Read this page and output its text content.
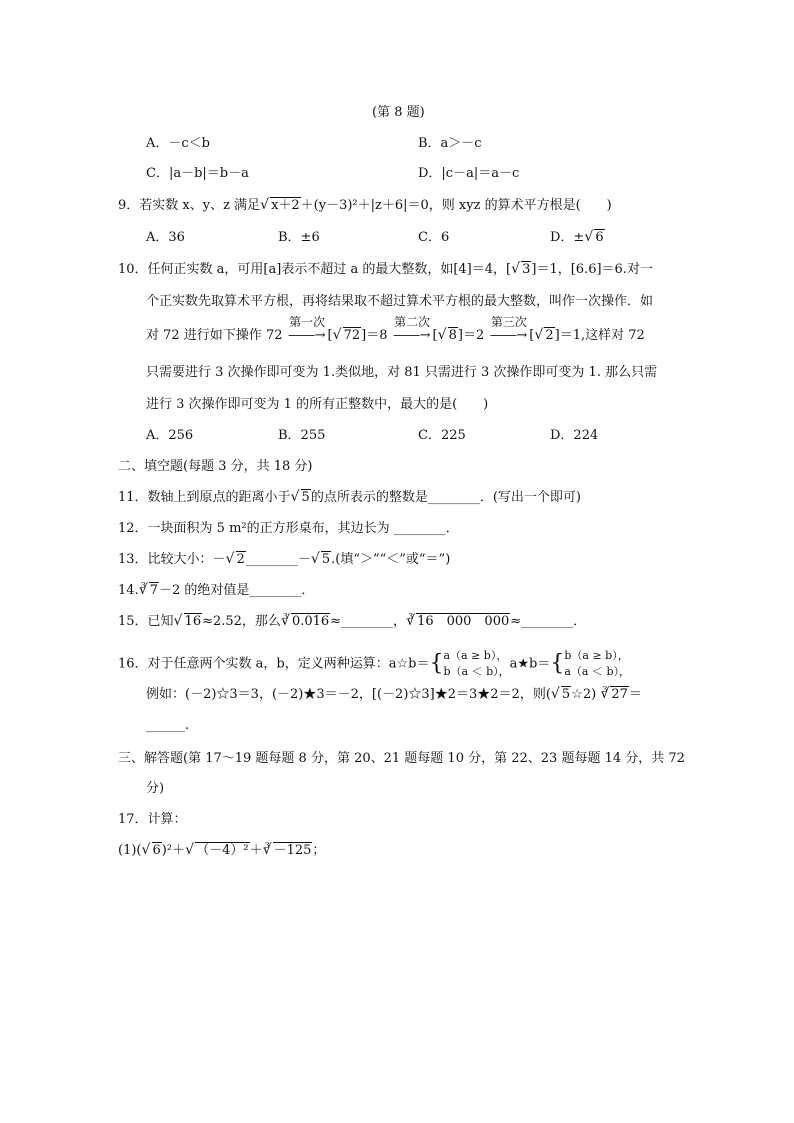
(第 8 题)
A．－c＜b	B．a＞－c
C．|a－b|＝b－a	D．|c－a|＝a－c
9．若实数 x、y、z 满足 √ x＋2＋(y－3)²＋|z＋6|＝0，则 xyz 的算术平方根是(　　)
A．36	B．±6	C．6	D．± √ 6
10．任何正实数 a，可用[a]表示不超过 a 的最大整数，如[4]＝4，[ √ 3]＝1，[6.6]＝6.对一
个正实数先取算术平方根，再将结果取不超过算术平方根的最大整数，叫作一次操作．如
对 72 进行如下操作 72
第一次
――→ [ √ 72]＝8
第二次
――→ [ √ 8]＝2
第三次
――→ [ √ 2]＝1,这样对 72
只需要进行 3 次操作即可变为 1.类似地，对 81 只需进行 3 次操作即可变为 1. 那么只需
进行 3 次操作即可变为 1 的所有正整数中，最大的是(　　)
A．256	B．255	C．225	D．224
二、填空题(每题 3 分，共 18 分)
11．数轴上到原点的距离小于 √ 5的点所表示的整数是________．(写出一个即可)
12．一块面积为 5 m²的正方形桌布，其边长为 ________．
13．比较大小：－ √ 2________－ √ 5.(填“＞”“＜”或“＝”)
14. 3 √ 7－2 的绝对值是________．
15．已知 √ 16≈2.52，那么 3 √ 0.016≈________， 3 √ 16　000　000≈________．
16．对于任意两个实数 a，b，定义两种运算：a☆b＝{a（a ≥ b），
b（a ＜ b），a★b＝{b（a ≥ b），
a（a ＜ b），
例如：(－2)☆3＝3，(－2)★3＝－2，[(－2)☆3]★2＝3★2＝2，则( √ 5☆2) 3 √ 27＝
______.
三、解答题(第 17～19 题每题 8 分，第 20、21 题每题 10 分，第 22、23 题每题 14 分，共 72
分)
17．计算：
(1)( √ 6)²＋ √ （－4）²＋ 3 √ －125；
